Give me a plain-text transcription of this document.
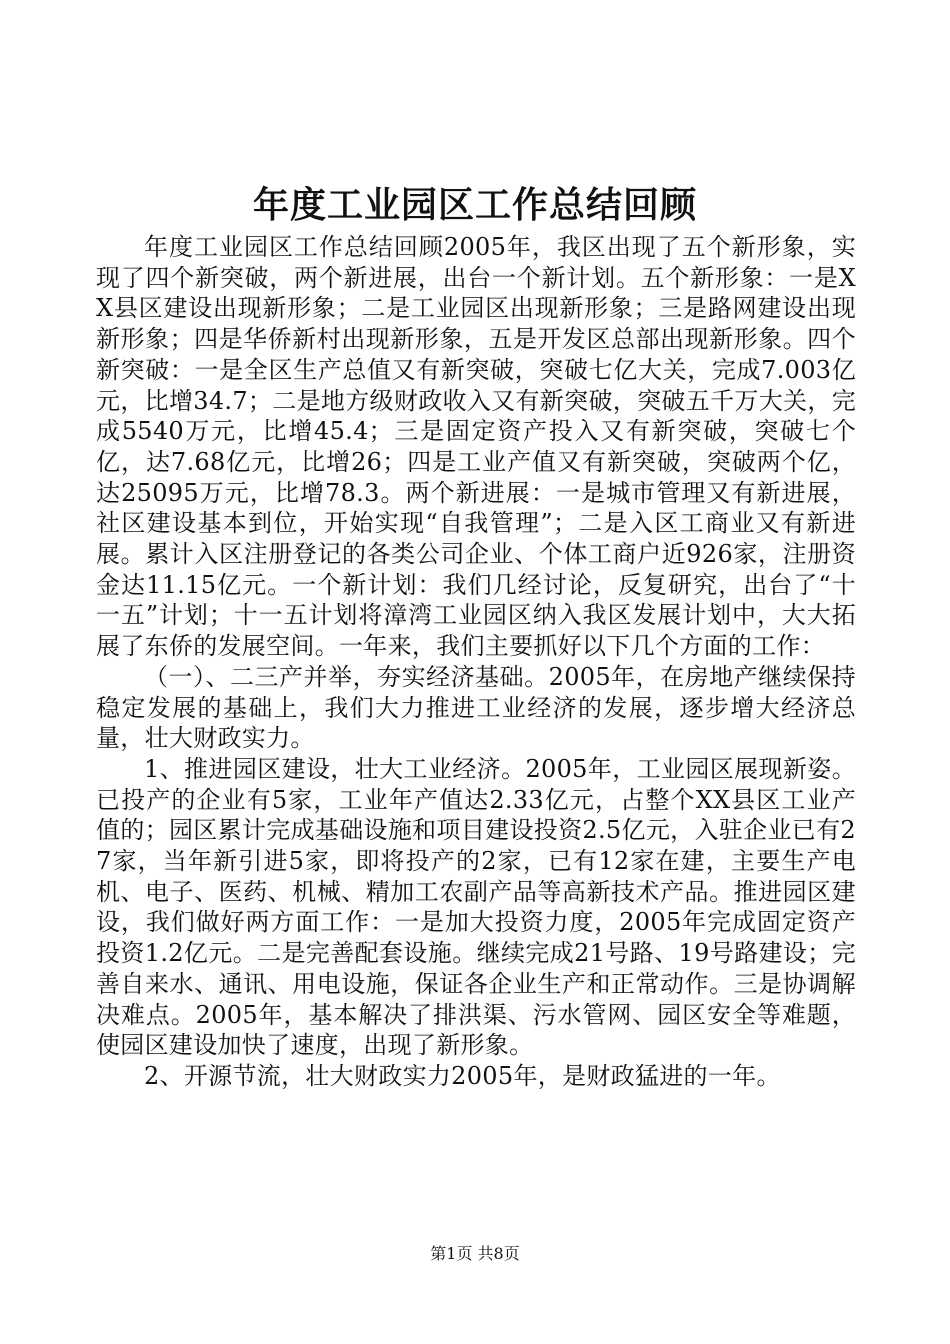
年度工业园区工作总结回顾

年度工业园区工作总结回顾2005年，我区出现了五个新形象，实现了四个新突破，两个新进展，出台一个新计划。五个新形象：一是XX县区建设出现新形象；二是工业园区出现新形象；三是路网建设出现新形象；四是华侨新村出现新形象，五是开发区总部出现新形象。四个新突破：一是全区生产总值又有新突破，突破七亿大关，完成7.003亿元，比增34.7；二是地方级财政收入又有新突破，突破五千万大关，完成5540万元，比增45.4；三是固定资产投入又有新突破，突破七个亿，达7.68亿元，比增26；四是工业产值又有新突破，突破两个亿，达25095万元，比增78.3。两个新进展：一是城市管理又有新进展，社区建设基本到位，开始实现“自我管理”；二是入区工商业又有新进展。累计入区注册登记的各类公司企业、个体工商户近926家，注册资金达11.15亿元。一个新计划：我们几经讨论，反复研究，出台了“十一五”计划；十一五计划将漳湾工业园区纳入我区发展计划中，大大拓展了东侨的发展空间。一年来，我们主要抓好以下几个方面的工作：

（一）、二三产并举，夯实经济基础。2005年，在房地产继续保持稳定发展的基础上，我们大力推进工业经济的发展，逐步增大经济总量，壮大财政实力。

1、推进园区建设，壮大工业经济。2005年，工业园区展现新姿。已投产的企业有5家，工业年产值达2.33亿元，占整个XX县区工业产值的；园区累计完成基础设施和项目建设投资2.5亿元，入驻企业已有27家，当年新引进5家，即将投产的2家，已有12家在建，主要生产电机、电子、医药、机械、精加工农副产品等高新技术产品。推进园区建设，我们做好两方面工作：一是加大投资力度，2005年完成固定资产投资1.2亿元。二是完善配套设施。继续完成21号路、19号路建设；完善自来水、通讯、用电设施，保证各企业生产和正常动作。三是协调解决难点。2005年，基本解决了排洪渠、污水管网、园区安全等难题，使园区建设加快了速度，出现了新形象。

2、开源节流，壮大财政实力2005年，是财政猛进的一年。

第1页 共8页
